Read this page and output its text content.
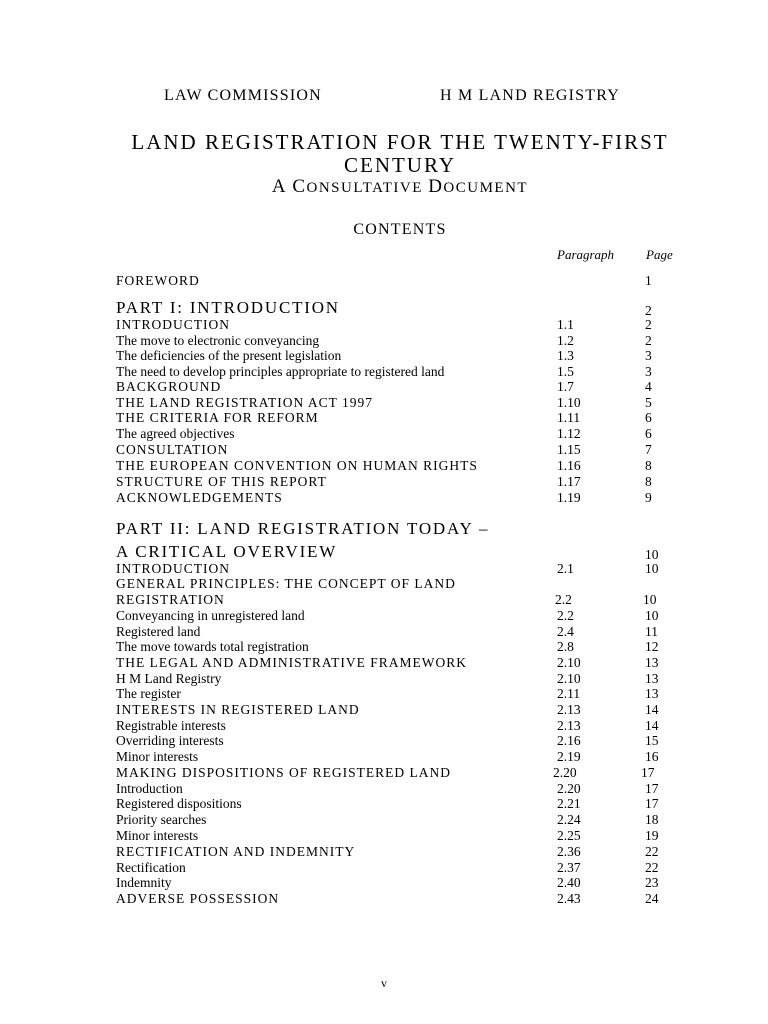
LAW COMMISSION	H M LAND REGISTRY
LAND REGISTRATION FOR THE TWENTY-FIRST
CENTURY
A CONSULTATIVE DOCUMENT
CONTENTS
Paragraph Page
FOREWORD	1
PART I: INTRODUCTION	2
INTRODUCTION	1.1	2
The move to electronic conveyancing	1.2	2
The deficiencies of the present legislation	1.3	3
The need to develop principles appropriate to registered land	1.5	3
BACKGROUND	1.7	4
THE LAND REGISTRATION ACT 1997	1.10	5
THE CRITERIA FOR REFORM	1.11	6
The agreed objectives	1.12	6
CONSULTATION	1.15	7
THE EUROPEAN CONVENTION ON HUMAN RIGHTS	1.16	8
STRUCTURE OF THIS REPORT	1.17	8
ACKNOWLEDGEMENTS	1.19	9
PART II: LAND REGISTRATION TODAY –
A CRITICAL OVERVIEW	10
INTRODUCTION	2.1	10
GENERAL PRINCIPLES: THE CONCEPT OF LAND
REGISTRATION	2.2	10
Conveyancing in unregistered land	2.2	10
Registered land	2.4	11
The move towards total registration	2.8	12
THE LEGAL AND ADMINISTRATIVE FRAMEWORK	2.10	13
H M Land Registry	2.10	13
The register	2.11	13
INTERESTS IN REGISTERED LAND	2.13	14
Registrable interests	2.13	14
Overriding interests	2.16	15
Minor interests	2.19	16
MAKING DISPOSITIONS OF REGISTERED LAND	2.20	17
Introduction	2.20	17
Registered dispositions	2.21	17
Priority searches	2.24	18
Minor interests	2.25	19
RECTIFICATION AND INDEMNITY	2.36	22
Rectification	2.37	22
Indemnity	2.40	23
ADVERSE POSSESSION	2.43	24
v
